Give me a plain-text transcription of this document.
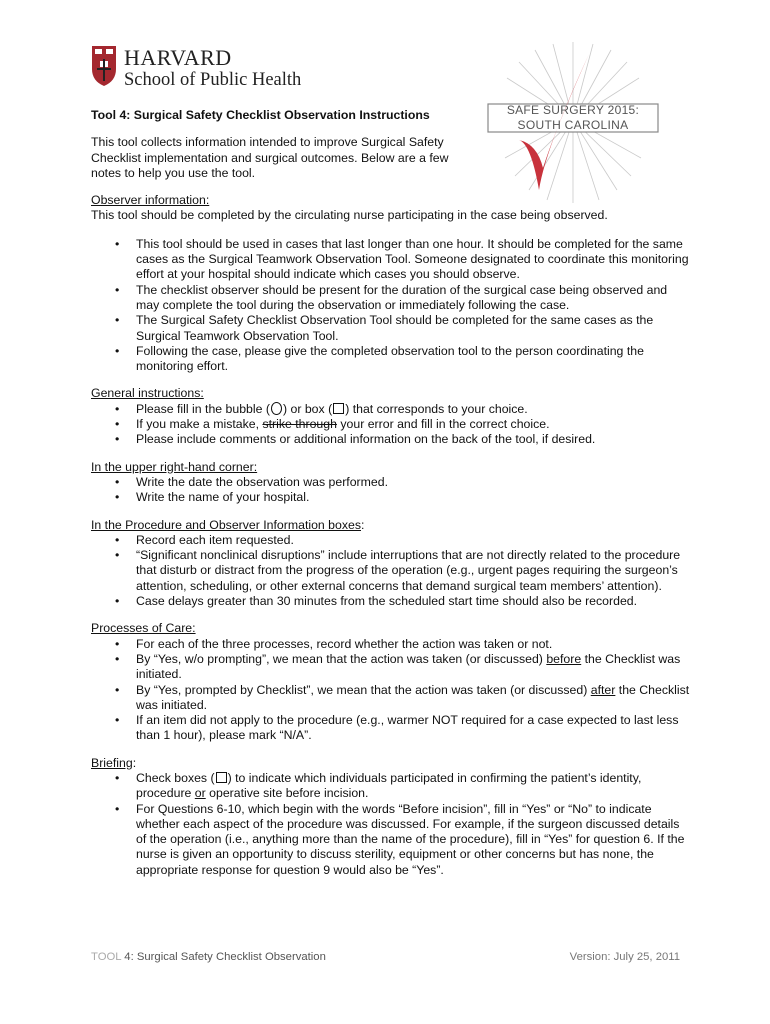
HARVARD
School of Public Health
SAFE SURGERY 2015:
SOUTH CAROLINA

Tool 4: Surgical Safety Checklist Observation Instructions

This tool collects information intended to improve Surgical Safety Checklist implementation and surgical outcomes. Below are a few notes to help you use the tool.

Observer information:

This tool should be completed by the circulating nurse participating in the case being observed.

• This tool should be used in cases that last longer than one hour. It should be completed for the same cases as the Surgical Teamwork Observation Tool. Someone designated to coordinate this monitoring effort at your hospital should indicate which cases you should observe.
• The checklist observer should be present for the duration of the surgical case being observed and may complete the tool during the observation or immediately following the case.
• The Surgical Safety Checklist Observation Tool should be completed for the same cases as the Surgical Teamwork Observation Tool.
• Following the case, please give the completed observation tool to the person coordinating the monitoring effort.
General instructions:
• Please fill in the bubble ( ) or box ( ) that corresponds to your choice.
• If you make a mistake, strike through your error and fill in the correct choice.
• Please include comments or additional information on the back of the tool, if desired.
In the upper right-hand corner:
• Write the date the observation was performed.
• Write the name of your hospital.

In the Procedure and Observer Information boxes:

• Record each item requested.
• “Significant nonclinical disruptions” include interruptions that are not directly related to the procedure that disturb or distract from the progress of the operation (e.g., urgent pages requiring the surgeon’s attention, scheduling, or other external concerns that demand surgical team members’ attention).
• Case delays greater than 30 minutes from the scheduled start time should also be recorded.
Processes of Care:
• For each of the three processes, record whether the action was taken or not.
• By “Yes, w/o prompting”, we mean that the action was taken (or discussed) before the Checklist was initiated.
• By “Yes, prompted by Checklist”, we mean that the action was taken (or discussed) after the Checklist was initiated.
• If an item did not apply to the procedure (e.g., warmer NOT required for a case expected to last less than 1 hour), please mark “N/A”.

Briefing:

• Check boxes ( ) to indicate which individuals participated in confirming the patient’s identity, procedure or operative site before incision.
• For Questions 6-10, which begin with the words “Before incision”, fill in “Yes” or “No” to indicate whether each aspect of the procedure was discussed. For example, if the surgeon discussed details of the operation (i.e., anything more than the name of the procedure), fill in “Yes” for question 6. If the nurse is given an opportunity to discuss sterility, equipment or other concerns but has none, the appropriate response for question 9 would also be “Yes”.
TOOL 4: Surgical Safety Checklist Observation	Version: July 25, 2011
